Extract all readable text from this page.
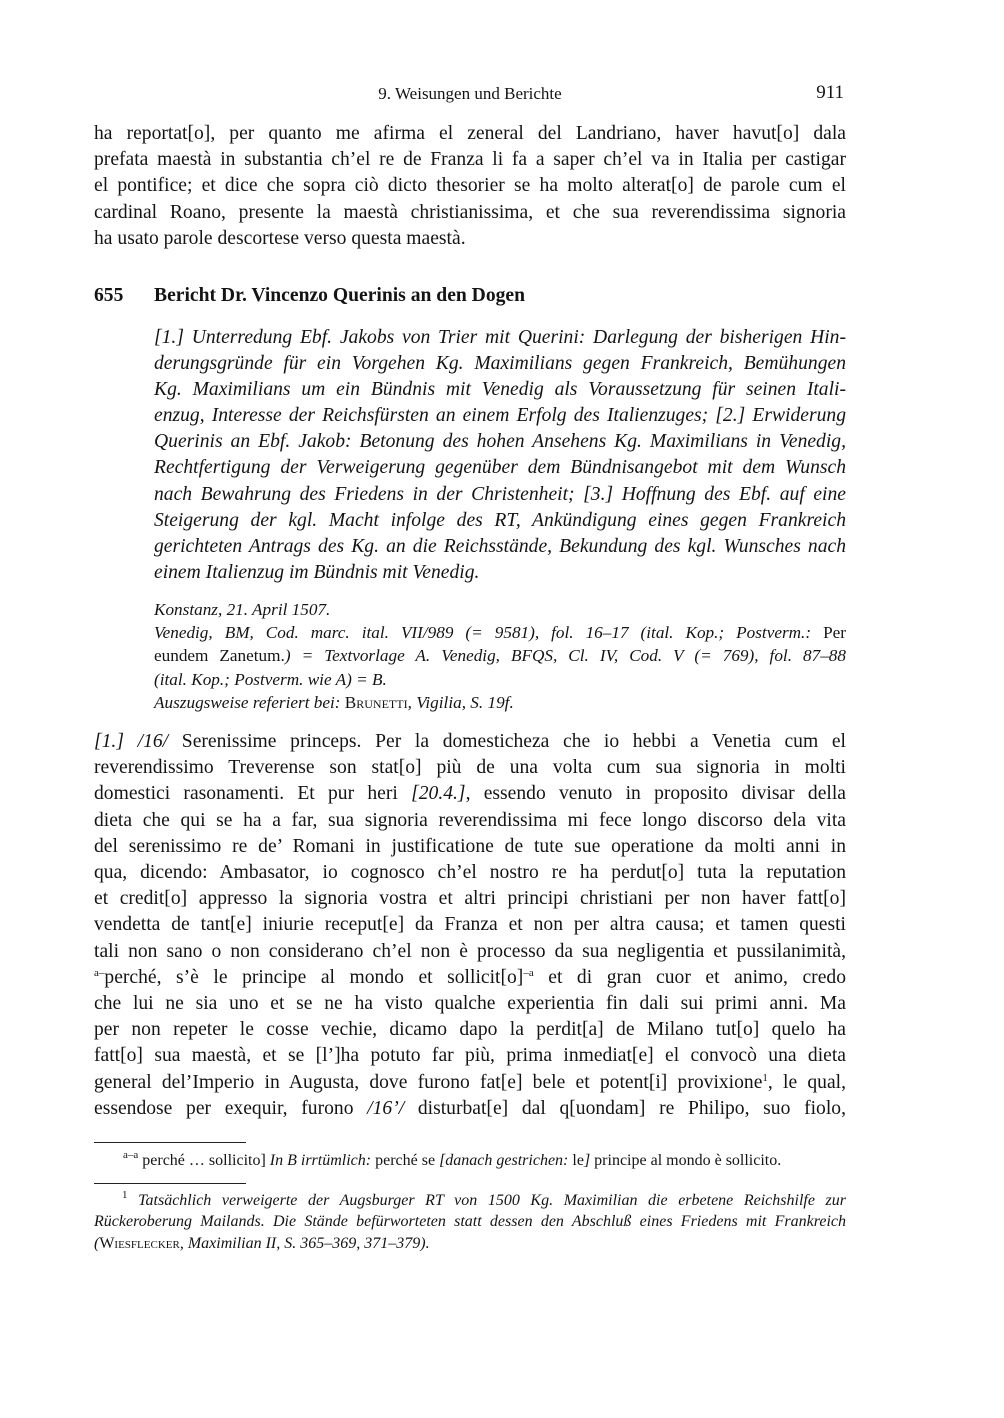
9. Weisungen und Berichte	911
ha reportat[o], per quanto me afirma el zeneral del Landriano, haver havut[o] dala
prefata maestà in substantia ch’el re de Franza li fa a saper ch’el va in Italia per castigar
el pontifice; et dice che sopra ciò dicto thesorier se ha molto alterat[o] de parole cum el
cardinal Roano, presente la maestà christianissima, et che sua reverendissima signoria
ha usato parole descortese verso questa maestà.
655 Bericht Dr. Vincenzo Querinis an den Dogen
[1.] Unterredung Ebf. Jakobs von Trier mit Querini: Darlegung der bisherigen Hin-
derungsgründe für ein Vorgehen Kg. Maximilians gegen Frankreich, Bemühungen
Kg. Maximilians um ein Bündnis mit Venedig als Voraussetzung für seinen Itali-
enzug, Interesse der Reichsfürsten an einem Erfolg des Italienzuges; [2.] Erwiderung
Querinis an Ebf. Jakob: Betonung des hohen Ansehens Kg. Maximilians in Venedig,
Rechtfertigung der Verweigerung gegenüber dem Bündnisangebot mit dem Wunsch
nach Bewahrung des Friedens in der Christenheit; [3.] Hoffnung des Ebf. auf eine
Steigerung der kgl. Macht infolge des RT, Ankündigung eines gegen Frankreich
gerichteten Antrags des Kg. an die Reichsstände, Bekundung des kgl. Wunsches nach
einem Italienzug im Bündnis mit Venedig.
Konstanz, 21. April 1507.
Venedig, BM, Cod. marc. ital. VII/989 (= 9581), fol. 16–17 (ital. Kop.; Postverm.: Per
eundem Zanetum.) = Textvorlage A. Venedig, BFQS, Cl. IV, Cod. V (= 769), fol. 87–88
(ital. Kop.; Postverm. wie A) = B.
Auszugsweise referiert bei: Brunetti, Vigilia, S. 19f.
[1.] /16/ Serenissime princeps. Per la domesticheza che io hebbi a Venetia cum el
reverendissimo Treverense son stat[o] più de una volta cum sua signoria in molti
domestici rasonamenti. Et pur heri [20.4.], essendo venuto in proposito divisar della
dieta che qui se ha a far, sua signoria reverendissima mi fece longo discorso dela vita
del serenissimo re de’ Romani in justificatione de tute sue operatione da molti anni in
qua, dicendo: Ambasator, io cognosco ch’el nostro re ha perdut[o] tuta la reputation
et credit[o] appresso la signoria vostra et altri principi christiani per non haver fatt[o]
vendetta de tant[e] iniurie receput[e] da Franza et non per altra causa; et tamen questi
tali non sano o non considerano ch’el non è processo da sua negligentia et pussilanimità,
$^{a-}$perché, s’è le principe al mondo et $sollicit[o]^{-a}$ et di gran cuor et animo, credo
che lui ne sia uno et se ne ha visto qualche experientia fin dali sui primi anni. Ma
per non repeter le cosse vechie, dicamo dapo la perdit[a] de Milano tut[o] quelo ha
fatt[o] sua maestà, et se [l’]ha potuto far più, prima inmediat[e] el convocò una dieta
general del’Imperio in Augusta, dove furono fat[e] bele et potent[i] provixione$^1$, le qual,
essendose per exequir, furono /16’/ disturbat[e] dal q[uondam] re Philipo, suo fiolo,
$^{a-a}$ perché … sollicito] In B irrtümlich: perché se [danach gestrichen: le] principe al mondo è sollicito.
$^1$ Tatsächlich verweigerte der Augsburger RT von 1500 Kg. Maximilian die erbetene Reichshilfe zur
Rückeroberung Mailands. Die Stände befürworteten statt dessen den Abschluß eines Friedens mit Frankreich
(Wiesflecker, Maximilian II, S. 365–369, 371–379).
